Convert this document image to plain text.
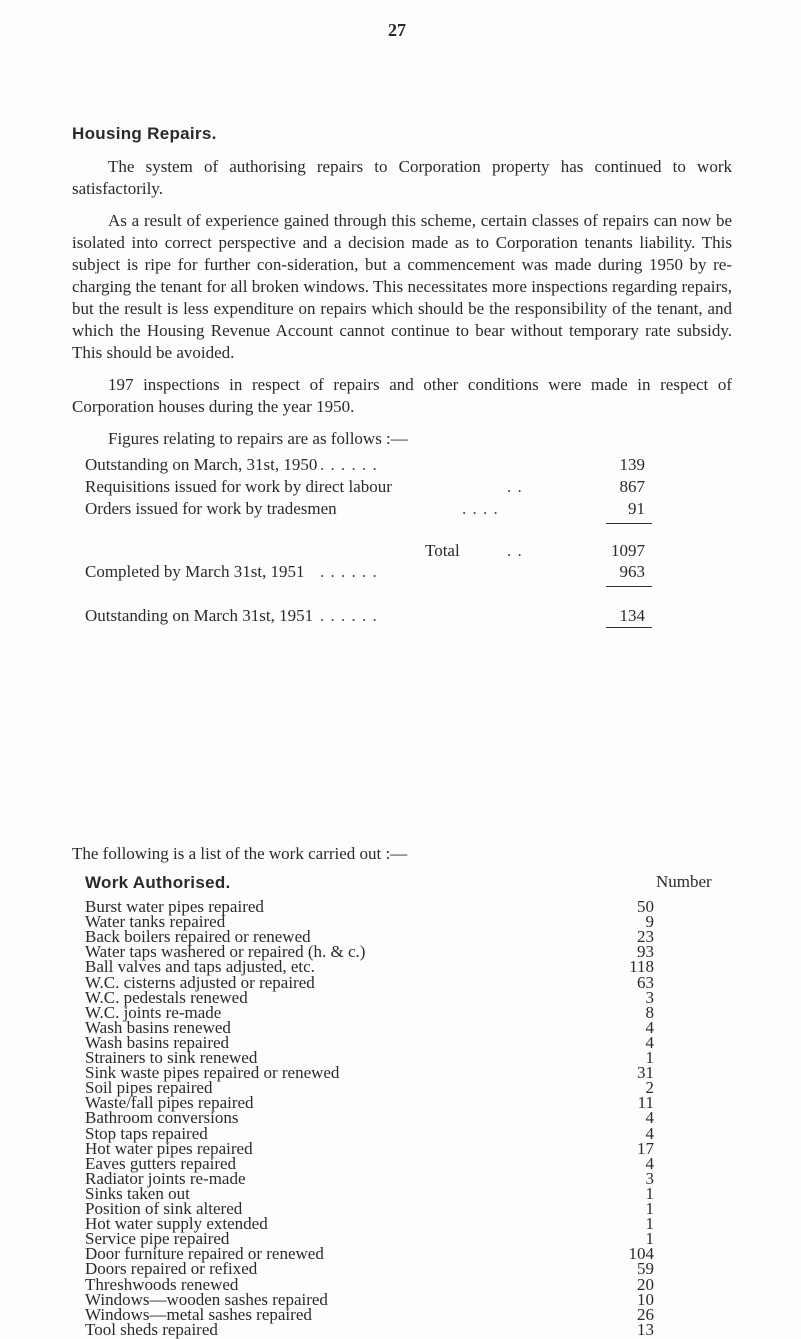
27
Housing Repairs.

The system of authorising repairs to Corporation property has continued to work satisfactorily.

As a result of experience gained through this scheme, certain classes of repairs can now be isolated into correct perspective and a decision made as to Corporation tenants liability. This subject is ripe for further con-sideration, but a commencement was made during 1950 by re-charging the tenant for all broken windows. This necessitates more inspections regarding repairs, but the result is less expenditure on repairs which should be the responsibility of the tenant, and which the Housing Revenue Account cannot continue to bear without temporary rate subsidy. This should be avoided.

197 inspections in respect of repairs and other conditions were made in respect of Corporation houses during the year 1950.

Figures relating to repairs are as follows :—

Outstanding on March, 31st, 1950 . . . . . .	139
Requisitions issued for work by direct labour	. .	867
Orders issued for work by tradesmen	. . . .	91
Total	. .	1097
Completed by March 31st, 1951 . . . . . .	963
Outstanding on March 31st, 1951 . . . . . .	134
The following is a list of the work carried out :—
Work Authorised.	Number
Burst water pipes repaired	50
Water tanks repaired	9
Back boilers repaired or renewed	23
Water taps washered or repaired (h. & c.)	93
Ball valves and taps adjusted, etc.	118
W.C. cisterns adjusted or repaired	63
W.C. pedestals renewed	3
W.C. joints re-made	8
Wash basins renewed	4
Wash basins repaired	4
Strainers to sink renewed	1
Sink waste pipes repaired or renewed	31
Soil pipes repaired	2
Waste/fall pipes repaired	11
Bathroom conversions	4
Stop taps repaired	4
Hot water pipes repaired	17
Eaves gutters repaired	4
Radiator joints re-made	3
Sinks taken out	1
Position of sink altered	1
Hot water supply extended	1
Service pipe repaired	1
Door furniture repaired or renewed	104
Doors repaired or refixed	59
Threshwoods renewed	20
Windows—wooden sashes repaired	10
Windows—metal sashes repaired	26
Tool sheds repaired	13
